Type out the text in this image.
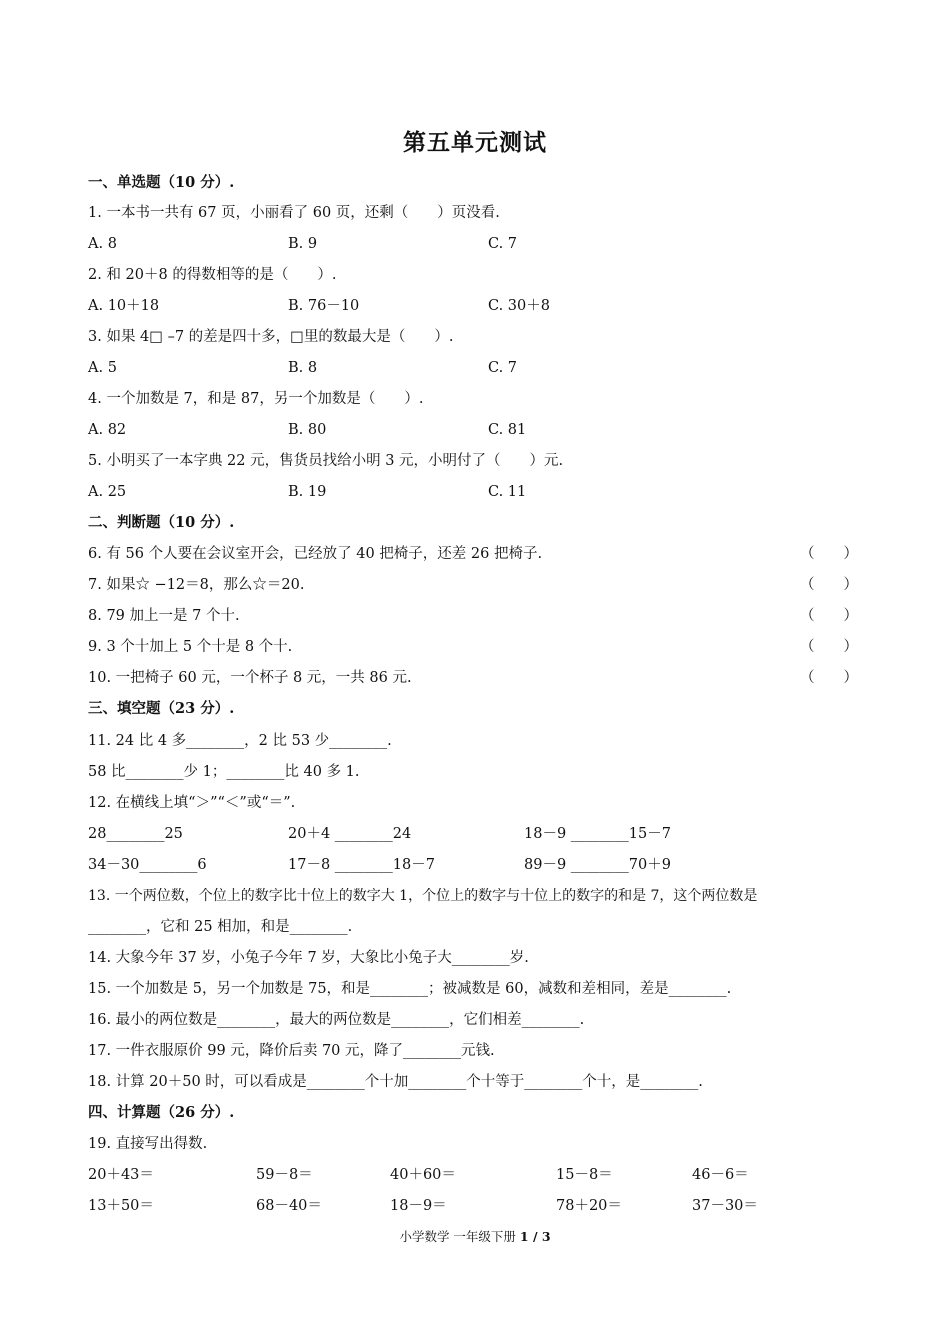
第五单元测试
一、单选题（10 分）.
1. 一本书一共有 67 页，小丽看了 60 页，还剩（　　）页没看.
A. 8	B. 9	C. 7
2. 和 20＋8 的得数相等的是（　　）.
A. 10＋18	B. 76－10	C. 30＋8
3. 如果 4□ –7 的差是四十多，□里的数最大是（　　）.
A. 5	B. 8	C. 7
4. 一个加数是 7，和是 87，另一个加数是（　　）.
A. 82	B. 80	C. 81
5. 小明买了一本字典 22 元，售货员找给小明 3 元，小明付了（　　）元.
A. 25	B. 19	C. 11
二、判断题（10 分）.
6. 有 56 个人要在会议室开会，已经放了 40 把椅子，还差 26 把椅子.	（　　）
7. 如果☆ −12＝8，那么☆＝20.	（　　）
8. 79 加上一是 7 个十.	（　　）
9. 3 个十加上 5 个十是 8 个十.	（　　）
10. 一把椅子 60 元，一个杯子 8 元，一共 86 元.	（　　）
三、填空题（23 分）.
11. 24 比 4 多________，2 比 53 少________.
58 比________少 1；________比 40 多 1.
12. 在横线上填“＞”“＜”或“＝”.
28________25	20＋4 ________24	18－9 ________15－7
34－30________6	17－8 ________18－7	89－9 ________70＋9
13. 一个两位数，个位上的数字比十位上的数字大 1，个位上的数字与十位上的数字的和是 7，这个两位数是
________，它和 25 相加，和是________.
14. 大象今年 37 岁，小兔子今年 7 岁，大象比小兔子大________岁.
15. 一个加数是 5，另一个加数是 75，和是________；被减数是 60，减数和差相同，差是________.
16. 最小的两位数是________，最大的两位数是________，它们相差________.
17. 一件衣服原价 99 元，降价后卖 70 元，降了________元钱.
18. 计算 20＋50 时，可以看成是________个十加________个十等于________个十，是________.
四、计算题（26 分）.
19. 直接写出得数.
20＋43＝	59－8＝	40＋60＝	15－8＝	46－6＝
13＋50＝	68－40＝	18－9＝	78＋20＝	37－30＝
小学数学 一年级下册 1 / 3
